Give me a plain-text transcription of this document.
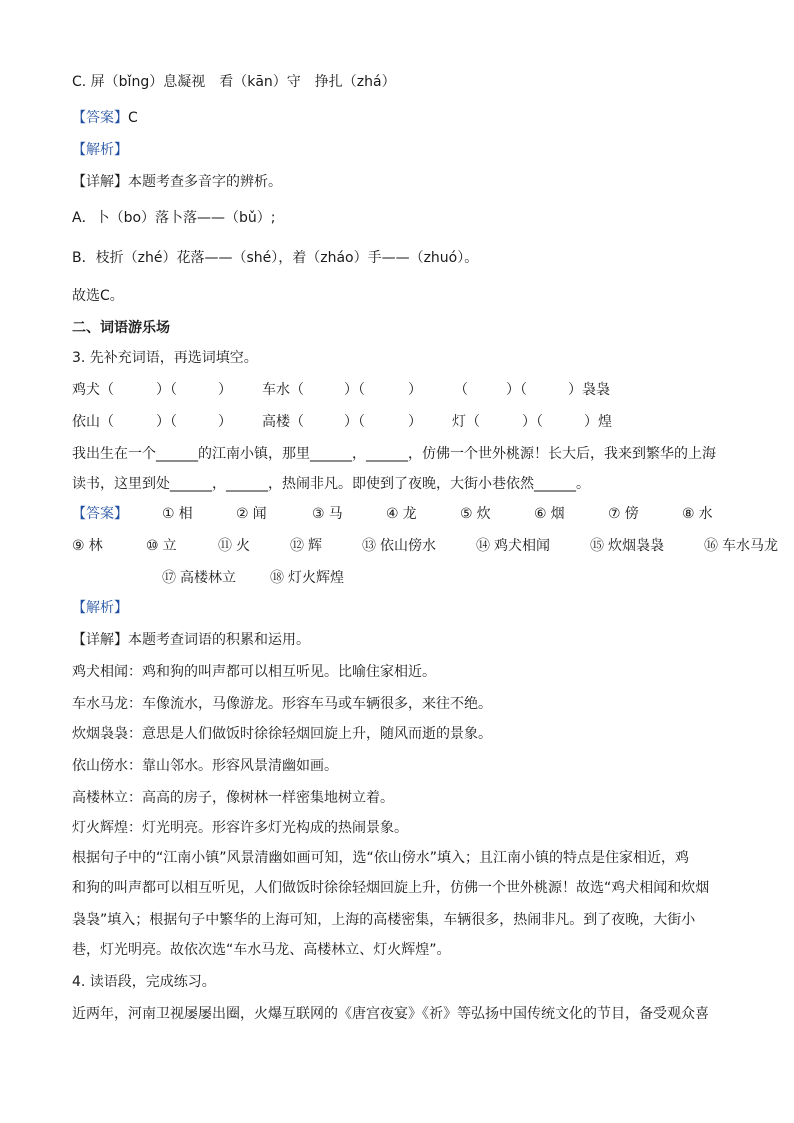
C. 屏（bǐng）息凝视　看（kān）守　挣扎（zhá）
【答案】C
【解析】
【详解】本题考查多音字的辨析。
A．卜（bo）落卜落——（bǔ）;
B．枝折（zhé）花落——（shé），着（zháo）手——（zhuó）。
故选C。
二、词语游乐场
3. 先补充词语，再选词填空。
鸡犬（	）（	） 车水（	）（	） （	）（	）袅袅
依山（	）（	） 高楼（	）（	） 灯（	）（	）煌
我出生在一个______的江南小镇，那里______，______，仿佛一个世外桃源！长大后，我来到繁华的上海
读书，这里到处______，______，热闹非凡。即使到了夜晚，大街小巷依然______。
【答案】 ① 相	② 闻	③ 马	④ 龙	⑤ 炊	⑥ 烟	⑦ 傍	⑧ 水
⑨ 林	⑩ 立	⑪ 火	⑫ 辉	⑬ 依山傍水	⑭ 鸡犬相闻	⑮ 炊烟袅袅	⑯ 车水马龙
⑰ 高楼林立 ⑱ 灯火辉煌
【解析】
【详解】本题考查词语的积累和运用。
鸡犬相闻：鸡和狗的叫声都可以相互听见。比喻住家相近。
车水马龙：车像流水，马像游龙。形容车马或车辆很多，来往不绝。
炊烟袅袅：意思是人们做饭时徐徐轻烟回旋上升，随风而逝的景象。
依山傍水：靠山邻水。形容风景清幽如画。
高楼林立：高高的房子，像树林一样密集地树立着。
灯火辉煌：灯光明亮。形容许多灯光构成的热闹景象。
根据句子中的“江南小镇”风景清幽如画可知，选“依山傍水”填入；且江南小镇的特点是住家相近，鸡
和狗的叫声都可以相互听见，人们做饭时徐徐轻烟回旋上升，仿佛一个世外桃源！故选“鸡犬相闻和炊烟
袅袅”填入；根据句子中繁华的上海可知，上海的高楼密集，车辆很多，热闹非凡。到了夜晚，大街小
巷，灯光明亮。故依次选“车水马龙、高楼林立、灯火辉煌”。
4. 读语段，完成练习。
近两年，河南卫视屡屡出圈，火爆互联网的《唐宫夜宴》《祈》等弘扬中国传统文化的节目，备受观众喜
